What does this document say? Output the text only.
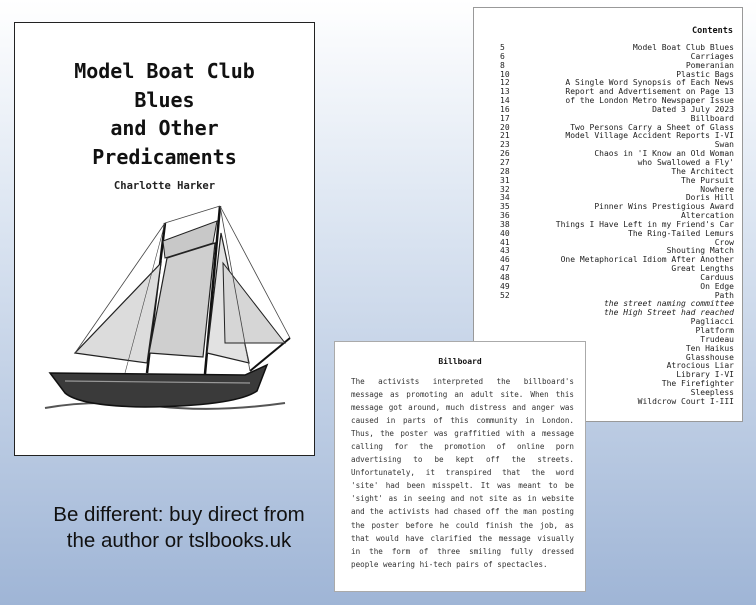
Model Boat Club
Blues
and Other
Predicaments
Charlotte Harker
Contents
5
6
8
10
12
13
14
16
17
20
21
23
26
27
28
31
32
34
35
36
38
40
41
43
46
47
48
49
52
Model Boat Club Blues
Carriages
Pomeranian
Plastic Bags
A Single Word Synopsis of Each News
Report and Advertisement on Page 13
of the London Metro Newspaper Issue
Dated 3 July 2023
Billboard
Two Persons Carry a Sheet of Glass
Model Village Accident Reports I-VI
Swan
Chaos in 'I Know an Old Woman
who Swallowed a Fly'
The Architect
The Pursuit
Nowhere
Doris Hill
Pinner Wins Prestigious Award
Altercation
Things I Have Left in my Friend's Car
The Ring-Tailed Lemurs
Crow
Shouting Match
One Metaphorical Idiom After Another
Great Lengths
Carduus
On Edge
Path
the street naming committee
the High Street had reached
Pagliacci
Platform
Trudeau
Ten Haikus
Glasshouse
Atrocious Liar
Library I-VI
The Firefighter
Sleepless
Wildcrow Court I-III
Billboard
The activists interpreted the billboard's message as promoting an adult site. When this message got around, much distress and anger was caused in parts of this community in London. Thus, the poster was graffitied with a message calling for the promotion of online porn advertising to be kept off the streets. Unfortunately, it transpired that the word 'site' had been misspelt. It was meant to be 'sight' as in seeing and not site as in website and the activists had chased off the man posting the poster before he could finish the job, as that would have clarified the message visually in the form of three smiling fully dressed people wearing hi-tech pairs of spectacles.
Be different: buy direct from the author or tslbooks.uk
